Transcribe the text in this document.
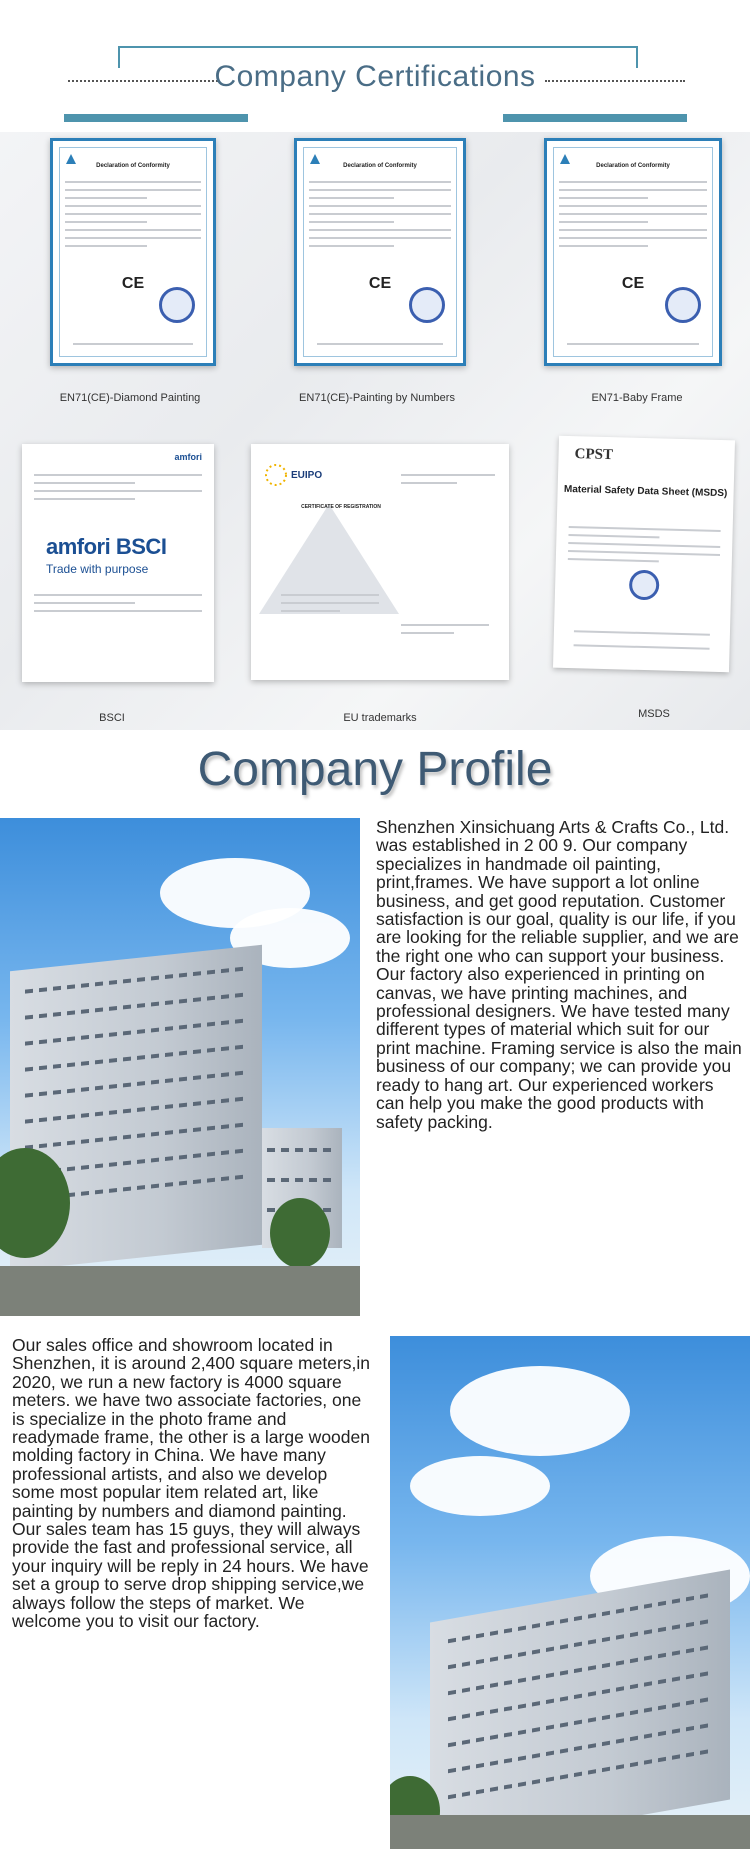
Company Certifications
Declaration of Conformity
CE
EN71(CE)-Diamond Painting
Declaration of Conformity
CE
EN71(CE)-Painting by Numbers
Declaration of Conformity
CE
EN71-Baby Frame
amfori
amfori BSCI
Trade with purpose
BSCI
EUIPO
CERTIFICATE OF REGISTRATION
EU trademarks
CPST
Material Safety Data Sheet (MSDS)
MSDS
Company Profile
Shenzhen Xinsichuang Arts & Crafts Co., Ltd. was established in 2 00 9. Our company specializes in handmade oil painting, print,frames. We have support a lot online business, and get good reputation. Customer satisfaction is our goal, quality is our life, if you are looking for the reliable supplier, and we are the right one who can support your business. Our factory also experienced in printing on canvas, we have printing machines, and professional designers. We have tested many different types of material which suit for our print machine. Framing service is also the main business of our company; we can provide you ready to hang art. Our experienced workers can help you make the good products with safety packing.
Our sales office and showroom located in Shenzhen, it is around 2,400 square meters,in 2020, we run a new factory is 4000 square meters. we have two associate factories, one is specialize in the photo frame and readymade frame, the other is a large wooden molding factory in China. We have many professional artists, and also we develop some most popular item related art, like painting by numbers and diamond painting. Our sales team has 15 guys, they will always provide the fast and professional service, all your inquiry will be reply in 24 hours. We have set a group to serve drop shipping service,we always follow the steps of market. We welcome you to visit our factory.
